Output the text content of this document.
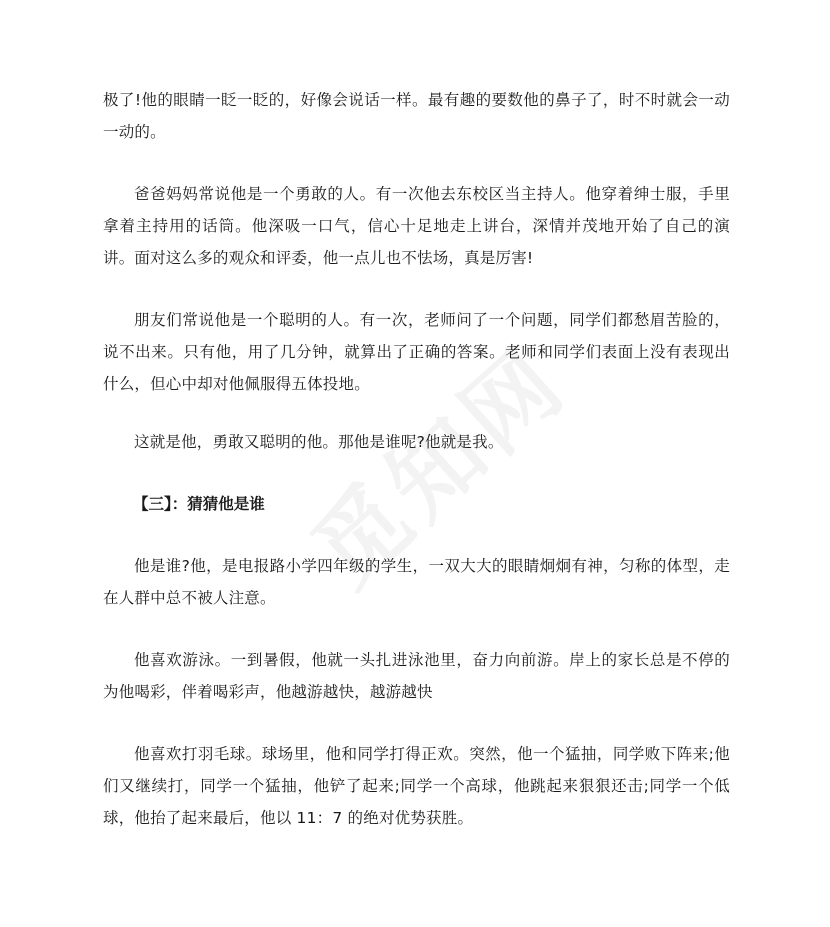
极了!他的眼睛一眨一眨的，好像会说话一样。最有趣的要数他的鼻子了，时不时就会一动一动的。

爸爸妈妈常说他是一个勇敢的人。有一次他去东校区当主持人。他穿着绅士服，手里拿着主持用的话筒。他深吸一口气，信心十足地走上讲台，深情并茂地开始了自己的演讲。面对这么多的观众和评委，他一点儿也不怯场，真是厉害!

朋友们常说他是一个聪明的人。有一次，老师问了一个问题，同学们都愁眉苦脸的，说不出来。只有他，用了几分钟，就算出了正确的答案。老师和同学们表面上没有表现出什么，但心中却对他佩服得五体投地。

这就是他，勇敢又聪明的他。那他是谁呢?他就是我。

【三】：猜猜他是谁

他是谁?他，是电报路小学四年级的学生，一双大大的眼睛炯炯有神，匀称的体型，走在人群中总不被人注意。

他喜欢游泳。一到暑假，他就一头扎进泳池里，奋力向前游。岸上的家长总是不停的为他喝彩，伴着喝彩声，他越游越快，越游越快

他喜欢打羽毛球。球场里，他和同学打得正欢。突然，他一个猛抽，同学败下阵来;他们又继续打，同学一个猛抽，他铲了起来;同学一个高球，他跳起来狠狠还击;同学一个低球，他抬了起来最后，他以 11：7 的绝对优势获胜。
